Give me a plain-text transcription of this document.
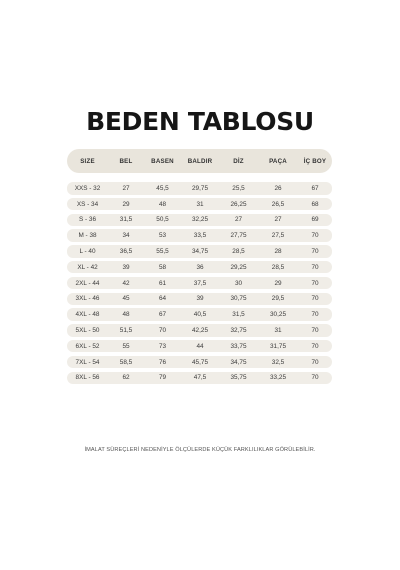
BEDEN TABLOSU
SIZE	BEL	BASEN	BALDIR	DİZ	PAÇA	İÇ BOY
XXS - 32	27	45,5	29,75	25,5	26	67
XS - 34	29	48	31	26,25	26,5	68
S - 36	31,5	50,5	32,25	27	27	69
M - 38	34	53	33,5	27,75	27,5	70
L - 40	36,5	55,5	34,75	28,5	28	70
XL - 42	39	58	36	29,25	28,5	70
2XL - 44	42	61	37,5	30	29	70
3XL - 46	45	64	39	30,75	29,5	70
4XL - 48	48	67	40,5	31,5	30,25	70
5XL - 50	51,5	70	42,25	32,75	31	70
6XL - 52	55	73	44	33,75	31,75	70
7XL - 54	58,5	76	45,75	34,75	32,5	70
8XL - 56	62	79	47,5	35,75	33,25	70
İMALAT SÜREÇLERİ NEDENİYLE ÖLÇÜLERDE KÜÇÜK FARKLILIKLAR GÖRÜLEBİLİR.
